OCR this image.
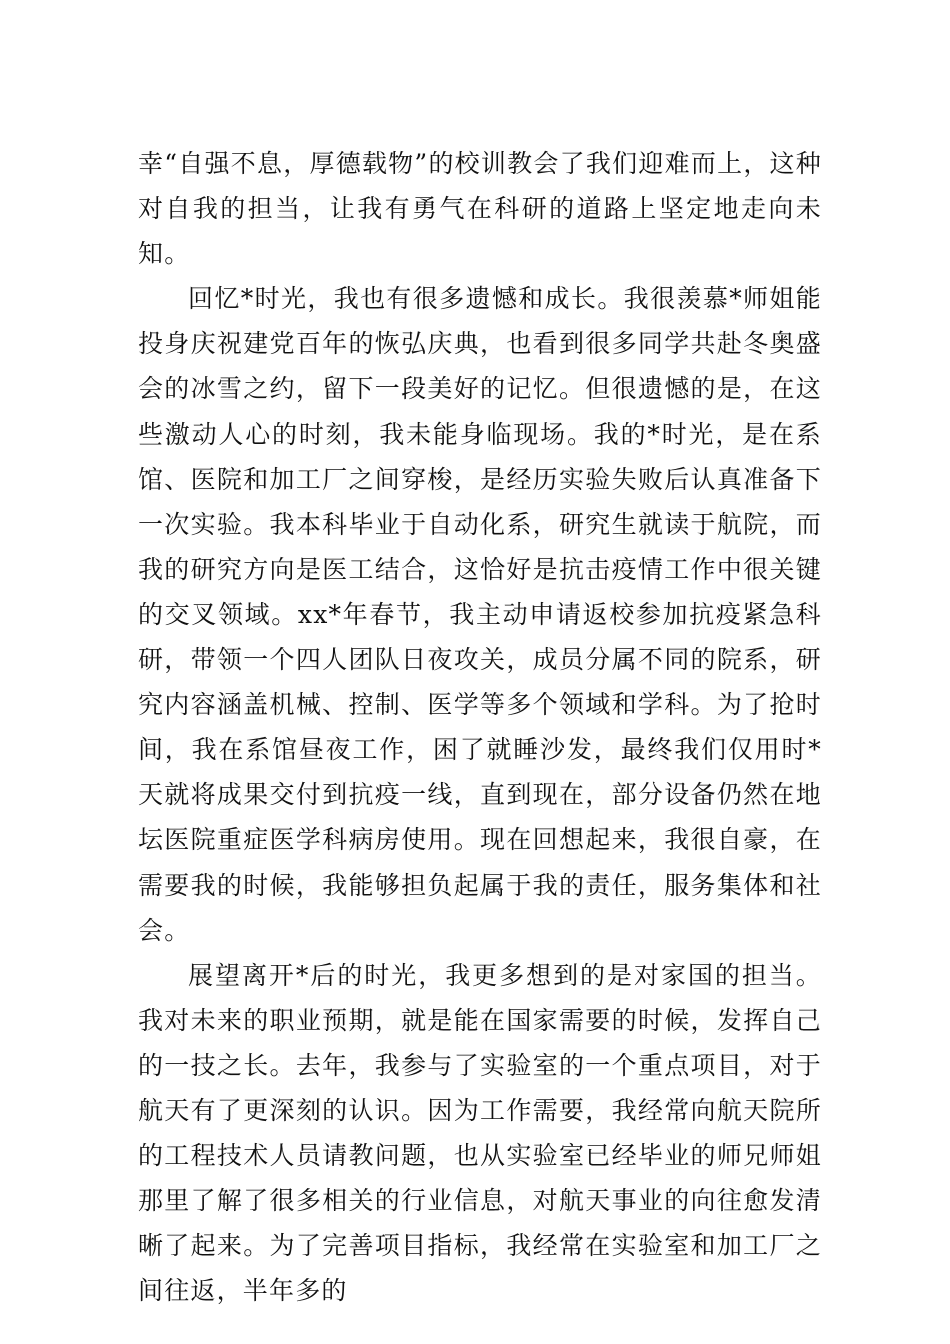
幸“自强不息，厚德载物”的校训教会了我们迎难而上，这种对自我的担当，让我有勇气在科研的道路上坚定地走向未知。

回忆*时光，我也有很多遗憾和成长。我很羡慕*师姐能投身庆祝建党百年的恢弘庆典，也看到很多同学共赴冬奥盛会的冰雪之约，留下一段美好的记忆。但很遗憾的是，在这些激动人心的时刻，我未能身临现场。我的*时光，是在系馆、医院和加工厂之间穿梭，是经历实验失败后认真准备下一次实验。我本科毕业于自动化系，研究生就读于航院，而我的研究方向是医工结合，这恰好是抗击疫情工作中很关键的交叉领域。xx*年春节，我主动申请返校参加抗疫紧急科研，带领一个四人团队日夜攻关，成员分属不同的院系，研究内容涵盖机械、控制、医学等多个领域和学科。为了抢时间，我在系馆昼夜工作，困了就睡沙发，最终我们仅用时*天就将成果交付到抗疫一线，直到现在，部分设备仍然在地坛医院重症医学科病房使用。现在回想起来，我很自豪，在需要我的时候，我能够担负起属于我的责任，服务集体和社会。

展望离开*后的时光，我更多想到的是对家国的担当。我对未来的职业预期，就是能在国家需要的时候，发挥自己的一技之长。去年，我参与了实验室的一个重点项目，对于航天有了更深刻的认识。因为工作需要，我经常向航天院所的工程技术人员请教问题，也从实验室已经毕业的师兄师姐那里了解了很多相关的行业信息，对航天事业的向往愈发清晰了起来。为了完善项目指标，我经常在实验室和加工厂之间往返，半年多的
